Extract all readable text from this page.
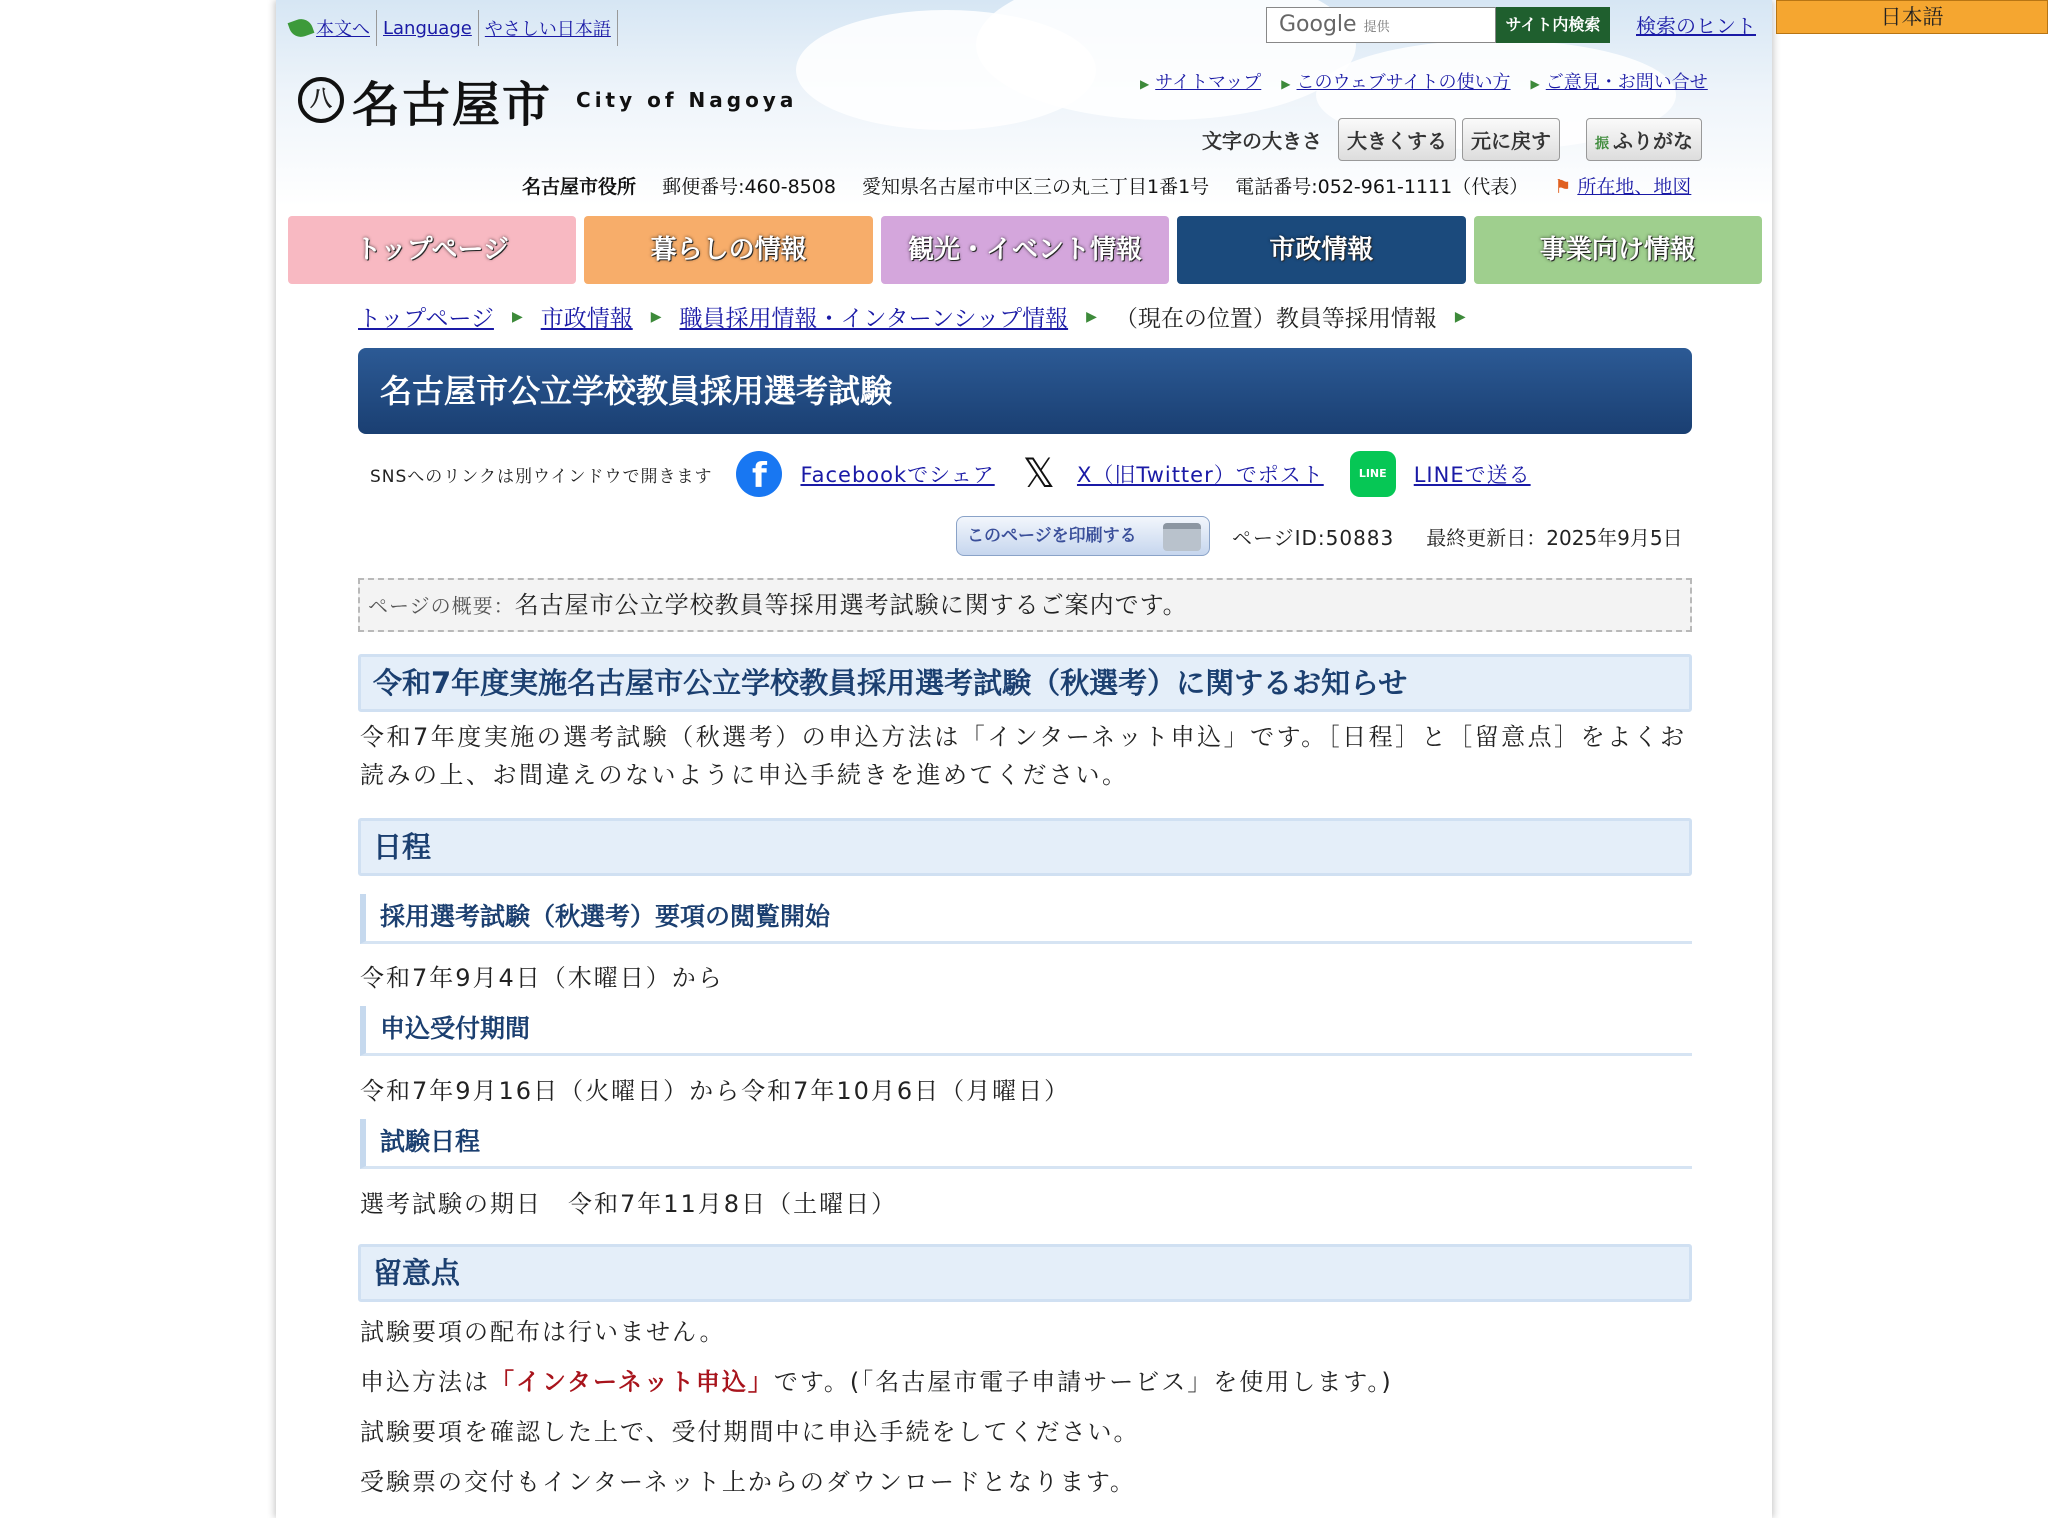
本文へ Language やさしい日本語	Google 提供	サイト内検索	検索のヒント
八 名古屋市 City of Nagoya
▶ サイトマップ ▶ このウェブサイトの使い方 ▶ ご意見・お問い合せ
文字の大きさ	大きくする	元に戻す	振 ふりがな
名古屋市役所 郵便番号:460-8508 愛知県名古屋市中区三の丸三丁目1番1号 電話番号:052-961-1111（代表） ⚑ 所在地、地図
トップページ	暮らしの情報	観光・イベント情報	市政情報	事業向け情報
トップページ ▶ 市政情報 ▶ 職員採用情報・インターンシップ情報 ▶ （現在の位置）教員等採用情報 ▶
名古屋市公立学校教員採用選考試験
SNSへのリンクは別ウインドウで開きます	f	Facebookでシェア 𝕏 X（旧Twitter）でポスト	LINE	LINEで送る
このページを印刷する	ページID:50883 最終更新日：2025年9月5日
ページの概要：名古屋市公立学校教員等採用選考試験に関するご案内です。
令和7年度実施名古屋市公立学校教員採用選考試験（秋選考）に関するお知らせ
令和7年度実施の選考試験（秋選考）の申込方法は「インターネット申込」です。［日程］と［留意点］をよくお読みの上、お間違えのないように申込手続きを進めてください。
日程
採用選考試験（秋選考）要項の閲覧開始
令和7年9月4日（木曜日）から
申込受付期間
令和7年9月16日（火曜日）から令和7年10月6日（月曜日）
試験日程
選考試験の期日　令和7年11月8日（土曜日）
留意点
試験要項の配布は行いません。
申込方法は「インターネット申込」です。(「名古屋市電子申請サービス」を使用します。)
試験要項を確認した上で、受付期間中に申込手続をしてください。
受験票の交付もインターネット上からのダウンロードとなります。
日本語
